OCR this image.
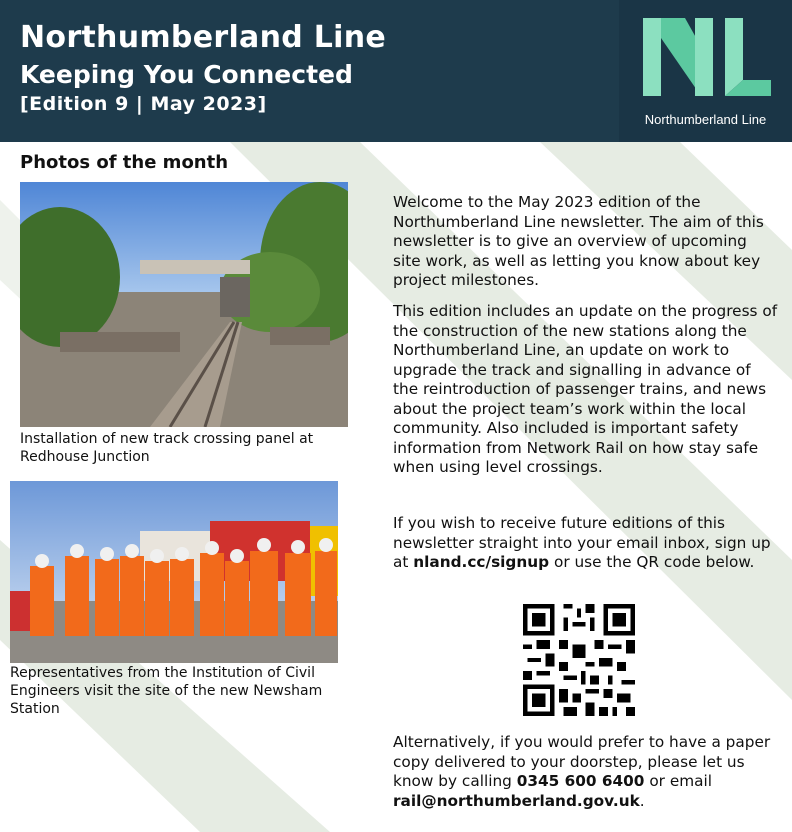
Northumberland Line
Keeping You Connected
[Edition 9 | May 2023]
Northumberland Line
Photos of the month
Installation of new track crossing panel at Redhouse Junction
Representatives from the Institution of Civil Engineers visit the site of the new Newsham Station

Welcome to the May 2023 edition of the Northumberland Line newsletter. The aim of this newsletter is to give an overview of upcoming site work, as well as letting you know about key project milestones.

This edition includes an update on the progress of the construction of the new stations along the Northumberland Line, an update on work to upgrade the track and signalling in advance of the reintroduction of passenger trains, and news about the project team’s work within the local community. Also included is important safety information from Network Rail on how stay safe when using level crossings.

If you wish to receive future editions of this newsletter straight into your email inbox, sign up at nland.cc/signup or use the QR code below.

Alternatively, if you would prefer to have a paper copy delivered to your doorstep, please let us know by calling 0345 600 6400 or email rail@northumberland.gov.uk.
